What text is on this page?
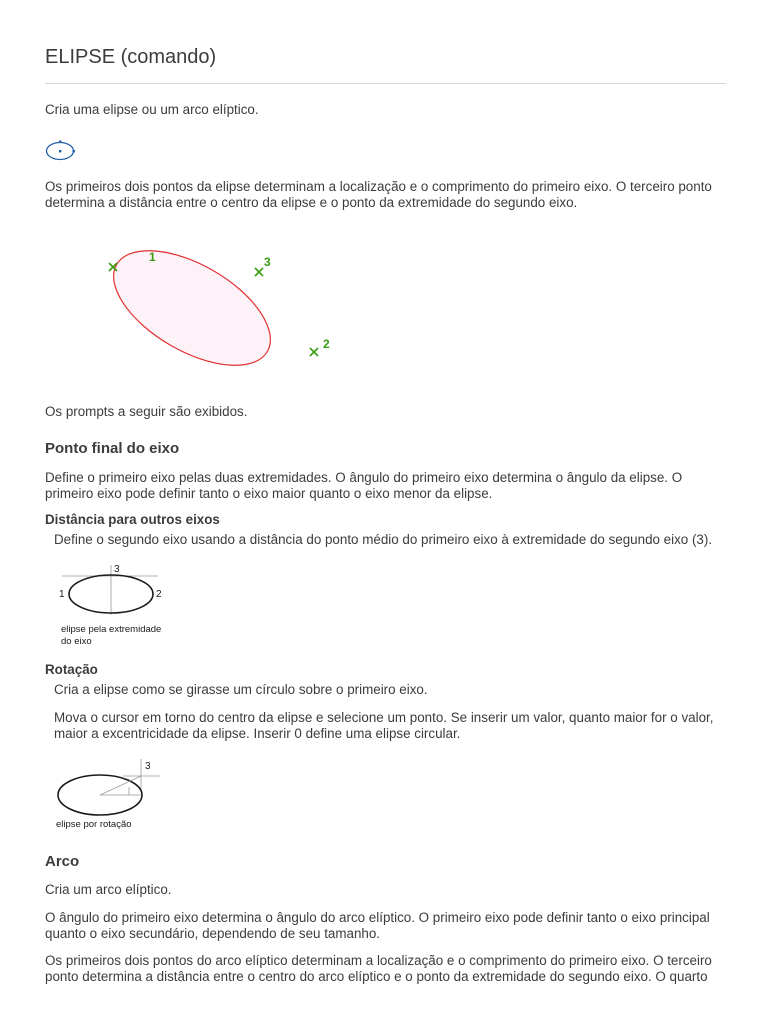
ELIPSE (comando)

Cria uma elipse ou um arco elíptico.

Os primeiros dois pontos da elipse determinam a localização e o comprimento do primeiro eixo. O terceiro ponto determina a distância entre o centro da elipse e o ponto da extremidade do segundo eixo.

1	3
2

Os prompts a seguir são exibidos.

Ponto final do eixo

Define o primeiro eixo pelas duas extremidades. O ângulo do primeiro eixo determina o ângulo da elipse. O primeiro eixo pode definir tanto o eixo maior quanto o eixo menor da elipse.

Distância para outros eixos

Define o segundo eixo usando a distância do ponto médio do primeiro eixo à extremidade do segundo eixo (3).

3
1	2
elipse pela extremidade
do eixo
Rotação

Cria a elipse como se girasse um círculo sobre o primeiro eixo.

Mova o cursor em torno do centro da elipse e selecione um ponto. Se inserir um valor, quanto maior for o valor, maior a excentricidade da elipse. Inserir 0 define uma elipse circular.

3
elipse por rotação
Arco

Cria um arco elíptico.

O ângulo do primeiro eixo determina o ângulo do arco elíptico. O primeiro eixo pode definir tanto o eixo principal quanto o eixo secundário, dependendo de seu tamanho.

Os primeiros dois pontos do arco elíptico determinam a localização e o comprimento do primeiro eixo. O terceiro ponto determina a distância entre o centro do arco elíptico e o ponto da extremidade do segundo eixo. O quarto
